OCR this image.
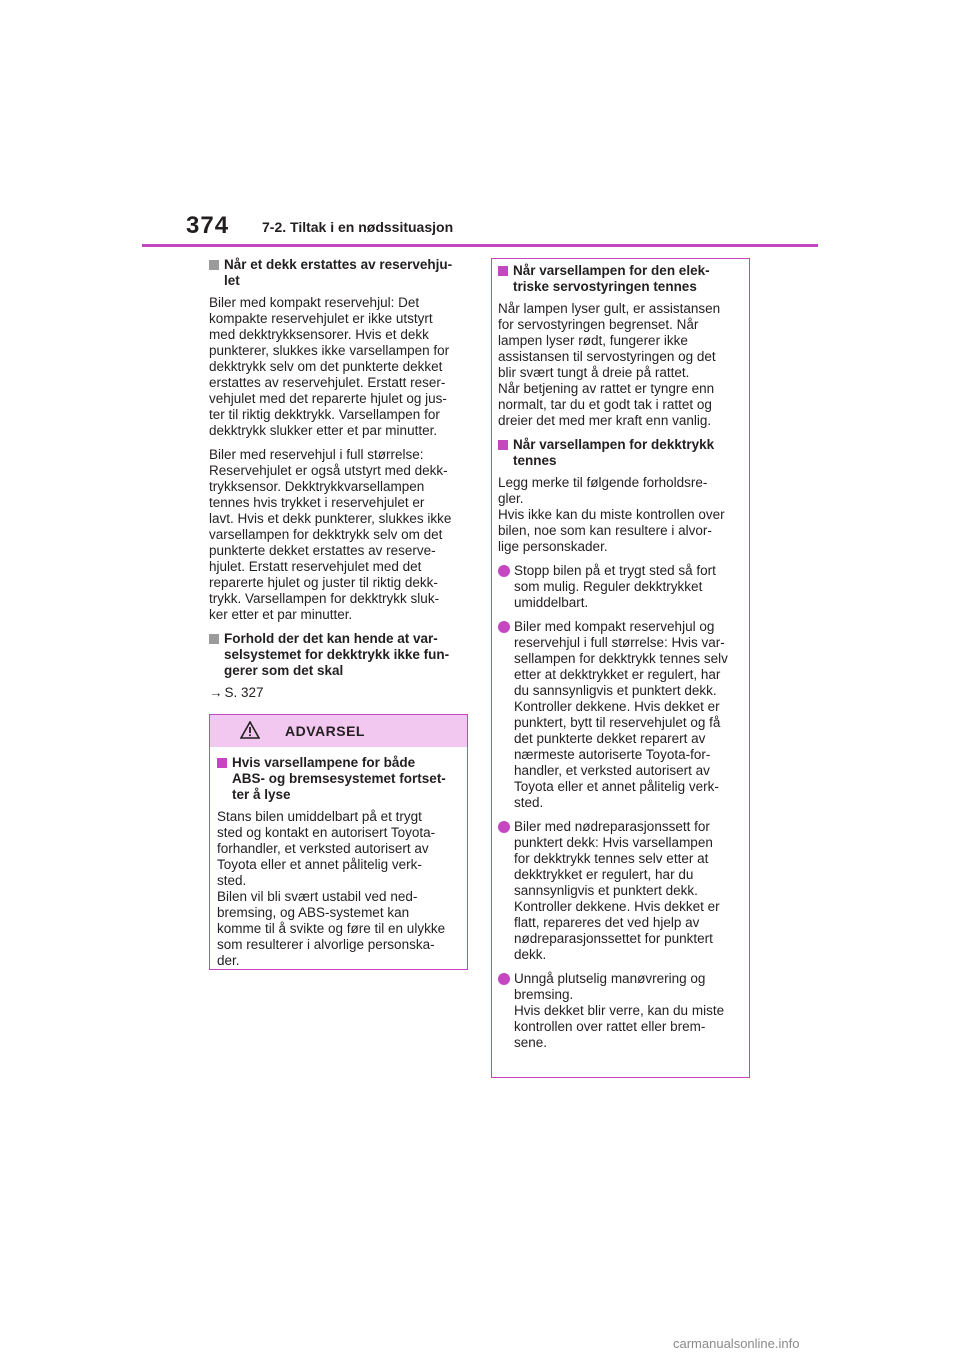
374 7-2. Tiltak i en nødssituasjon
Når et dekk erstattes av reservehju-
let

Biler med kompakt reservehjul: Det
kompakte reservehjulet er ikke utstyrt
med dekktrykksensorer. Hvis et dekk
punkterer, slukkes ikke varsellampen for
dekktrykk selv om det punkterte dekket
erstattes av reservehjulet. Erstatt reser-
vehjulet med det reparerte hjulet og jus-
ter til riktig dekktrykk. Varsellampen for
dekktrykk slukker etter et par minutter.

Biler med reservehjul i full størrelse:
Reservehjulet er også utstyrt med dekk-
trykksensor. Dekktrykkvarsellampen
tennes hvis trykket i reservehjulet er
lavt. Hvis et dekk punkterer, slukkes ikke
varsellampen for dekktrykk selv om det
punkterte dekket erstattes av reserve-
hjulet. Erstatt reservehjulet med det
reparerte hjulet og juster til riktig dekk-
trykk. Varsellampen for dekktrykk sluk-
ker etter et par minutter.

Forhold der det kan hende at var-
selsystemet for dekktrykk ikke fun-
gerer som det skal
→ S. 327
ADVARSEL
Hvis varsellampene for både
ABS- og bremsesystemet fortset-
ter å lyse

Stans bilen umiddelbart på et trygt
sted og kontakt en autorisert Toyota-
forhandler, et verksted autorisert av
Toyota eller et annet pålitelig verk-
sted.
Bilen vil bli svært ustabil ved ned-
bremsing, og ABS-systemet kan
komme til å svikte og føre til en ulykke
som resulterer i alvorlige personska-
der.

Når varsellampen for den elek-
triske servostyringen tennes

Når lampen lyser gult, er assistansen
for servostyringen begrenset. Når
lampen lyser rødt, fungerer ikke
assistansen til servostyringen og det
blir svært tungt å dreie på rattet.
Når betjening av rattet er tyngre enn
normalt, tar du et godt tak i rattet og
dreier det med mer kraft enn vanlig.

Når varsellampen for dekktrykk
tennes

Legg merke til følgende forholdsre-
gler.
Hvis ikke kan du miste kontrollen over
bilen, noe som kan resultere i alvor-
lige personskader.

Stopp bilen på et trygt sted så fort
som mulig. Reguler dekktrykket
umiddelbart.
Biler med kompakt reservehjul og
reservehjul i full størrelse: Hvis var-
sellampen for dekktrykk tennes selv
etter at dekktrykket er regulert, har
du sannsynligvis et punktert dekk.
Kontroller dekkene. Hvis dekket er
punktert, bytt til reservehjulet og få
det punkterte dekket reparert av
nærmeste autoriserte Toyota-for-
handler, et verksted autorisert av
Toyota eller et annet pålitelig verk-
sted.
Biler med nødreparasjonssett for
punktert dekk: Hvis varsellampen
for dekktrykk tennes selv etter at
dekktrykket er regulert, har du
sannsynligvis et punktert dekk.
Kontroller dekkene. Hvis dekket er
flatt, repareres det ved hjelp av
nødreparasjonssettet for punktert
dekk.
Unngå plutselig manøvrering og
bremsing.
Hvis dekket blir verre, kan du miste
kontrollen over rattet eller brem-
sene.
carmanualsonline.info
